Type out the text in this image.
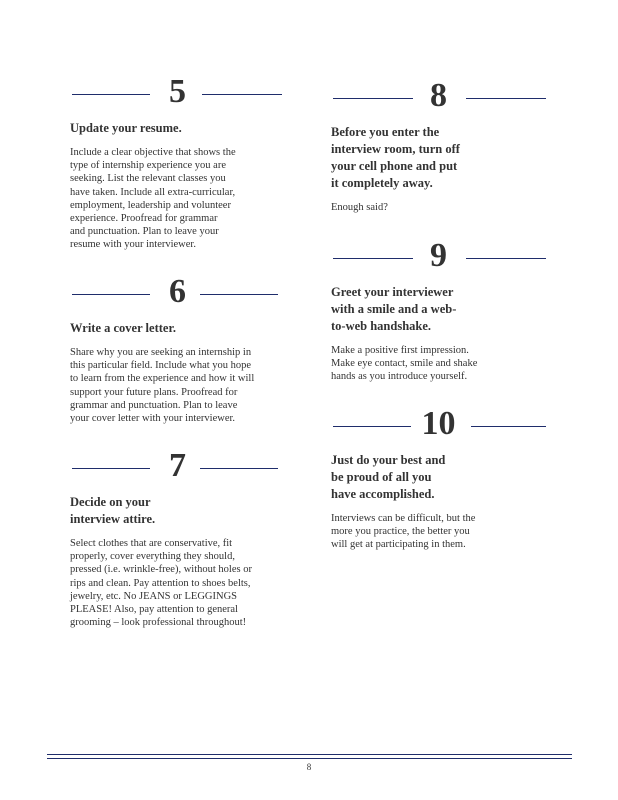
5
Update your resume.
Include a clear objective that shows the
type of internship experience you are
seeking. List the relevant classes you
have taken. Include all extra-curricular,
employment, leadership and volunteer
experience. Proofread for grammar
and punctuation. Plan to leave your
resume with your interviewer.
6
Write a cover letter.
Share why you are seeking an internship in
this particular field. Include what you hope
to learn from the experience and how it will
support your future plans. Proofread for
grammar and punctuation. Plan to leave
your cover letter with your interviewer.
7
Decide on your
interview attire.
Select clothes that are conservative, fit
properly, cover everything they should,
pressed (i.e. wrinkle-free), without holes or
rips and clean. Pay attention to shoes belts,
jewelry, etc. No JEANS or LEGGINGS
PLEASE! Also, pay attention to general
grooming – look professional throughout!
8
Before you enter the
interview room, turn off
your cell phone and put
it completely away.
Enough said?
9
Greet your interviewer
with a smile and a web-
to-web handshake.
Make a positive first impression.
Make eye contact, smile and shake
hands as you introduce yourself.
10
Just do your best and
be proud of all you
have accomplished.
Interviews can be difficult, but the
more you practice, the better you
will get at participating in them.
8
